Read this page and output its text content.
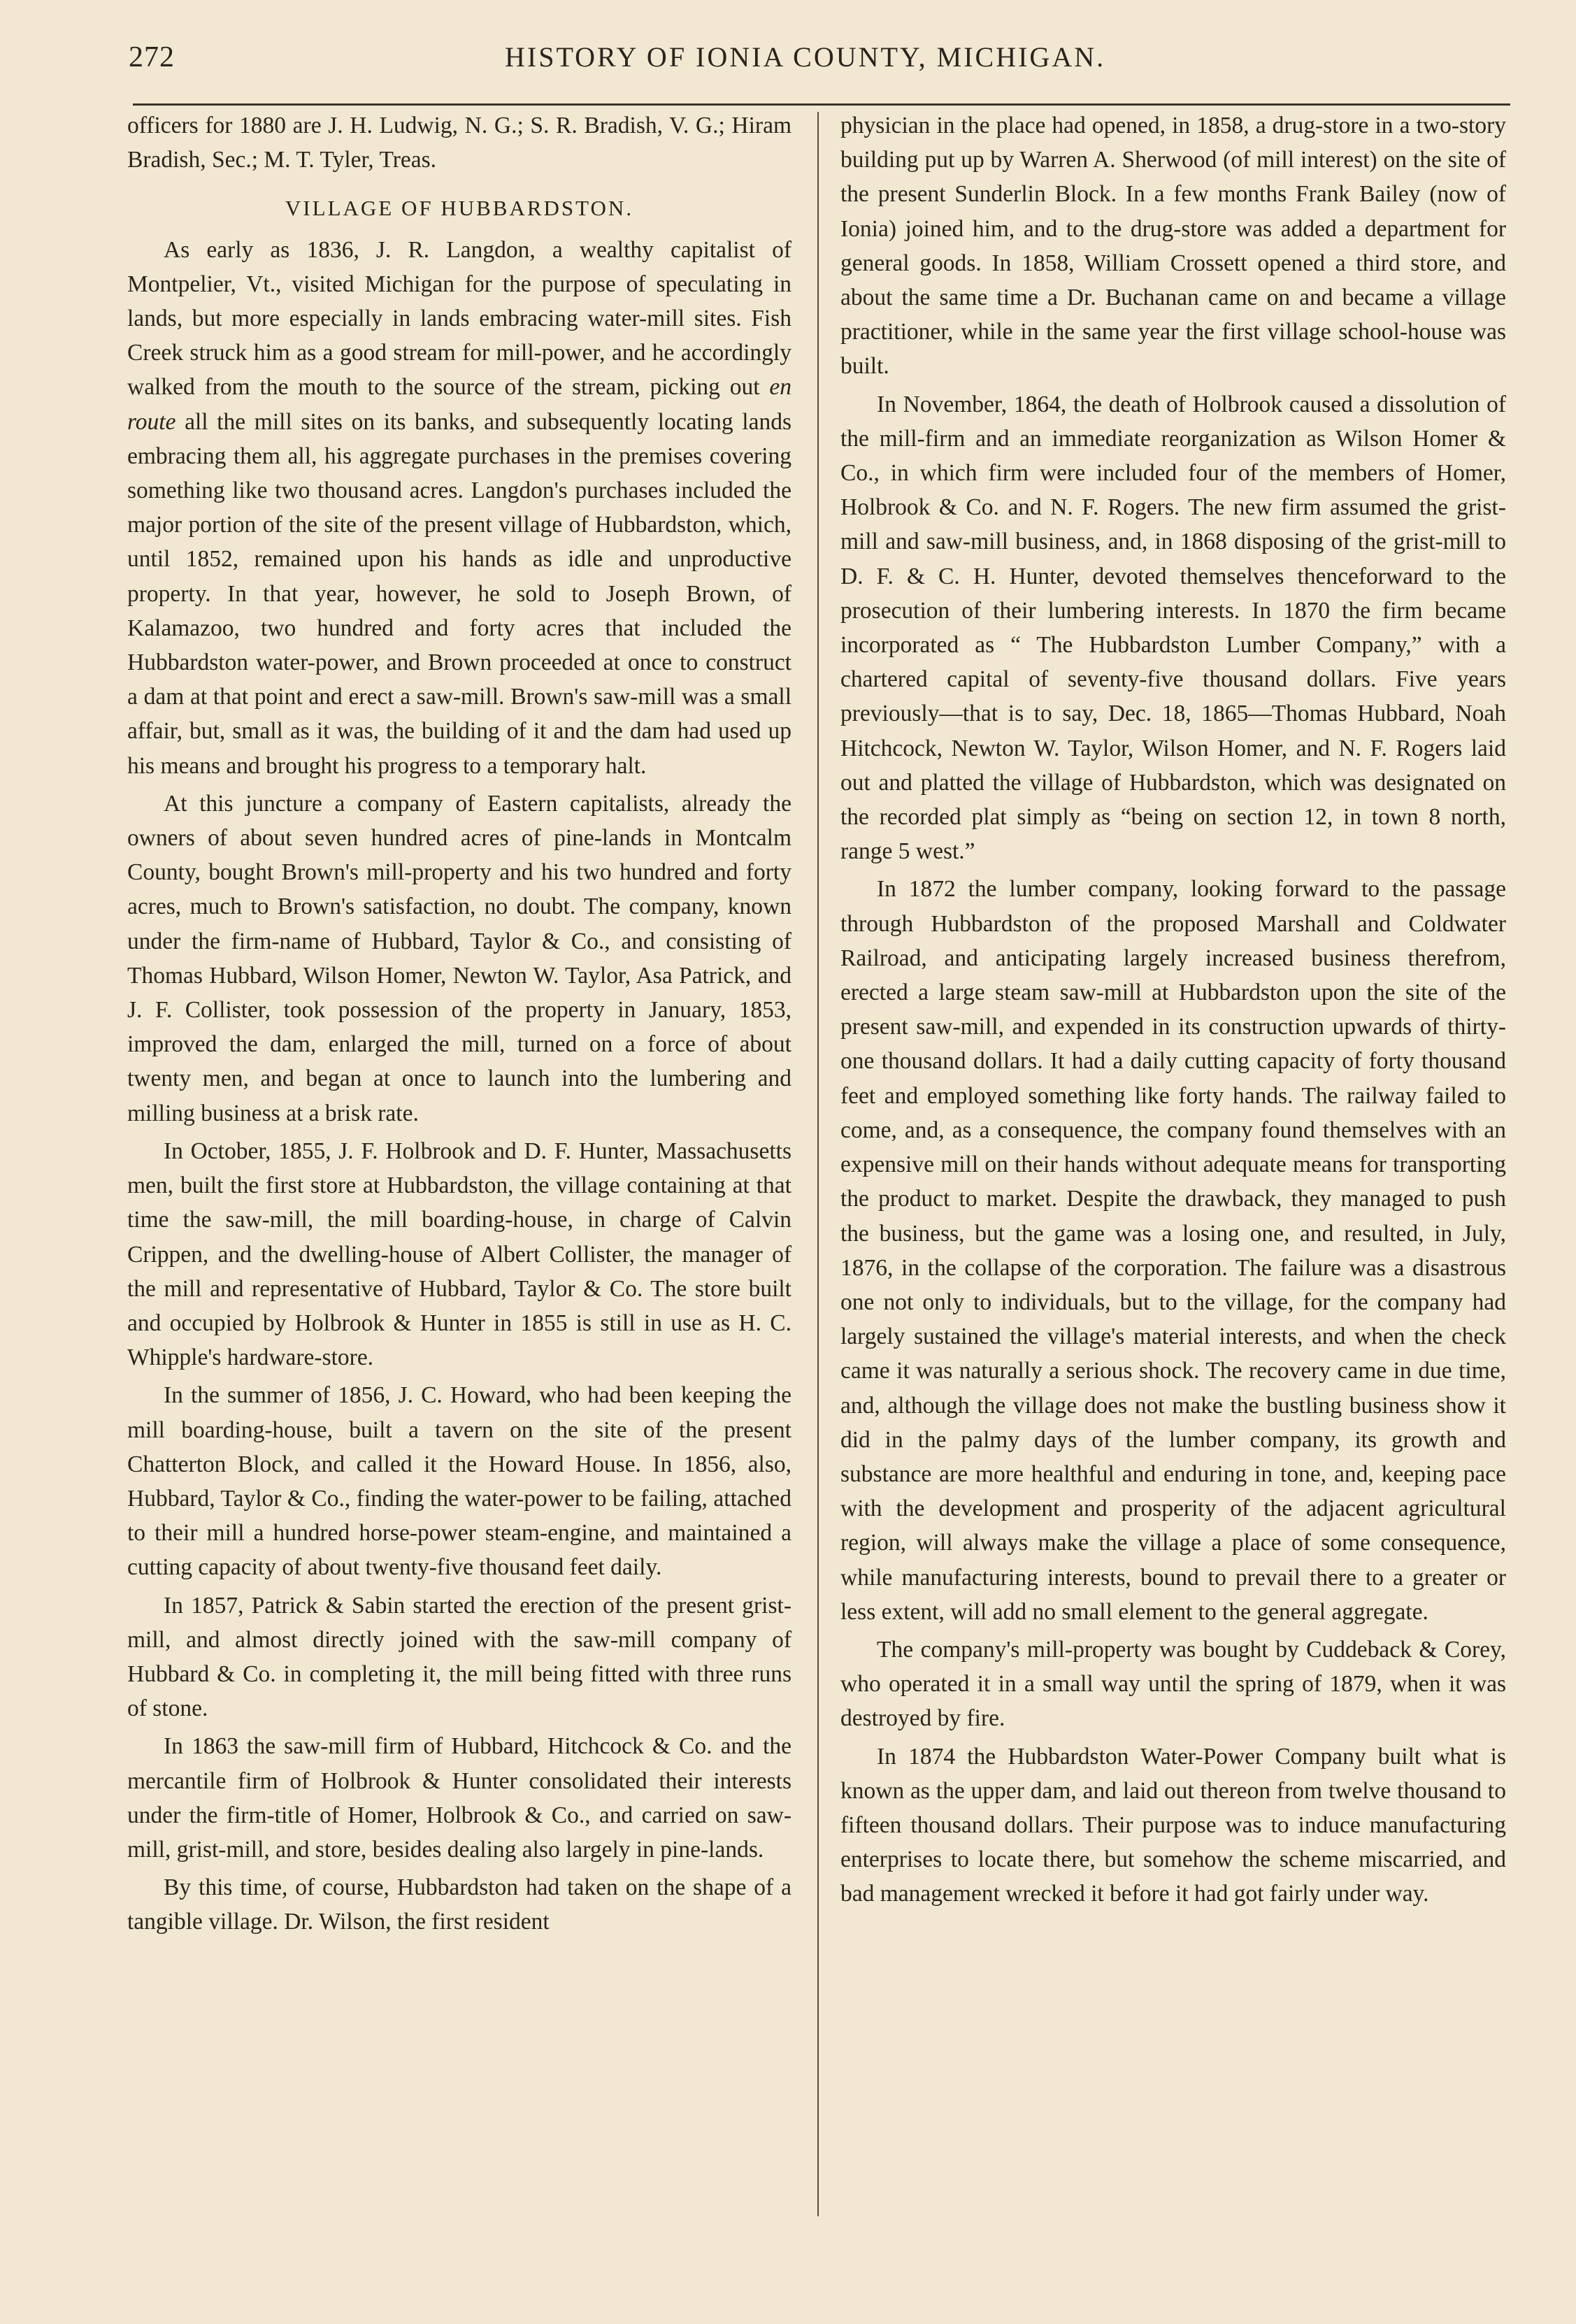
272	HISTORY OF IONIA COUNTY, MICHIGAN.

officers for 1880 are J. H. Ludwig, N. G.; S. R. Bradish, V. G.; Hiram Bradish, Sec.; M. T. Tyler, Treas.

VILLAGE OF HUBBARDSTON.

As early as 1836, J. R. Langdon, a wealthy capitalist of Montpelier, Vt., visited Michigan for the purpose of speculating in lands, but more especially in lands embracing water-mill sites. Fish Creek struck him as a good stream for mill-power, and he accordingly walked from the mouth to the source of the stream, picking out en route all the mill sites on its banks, and subsequently locating lands embracing them all, his aggregate purchases in the premises covering something like two thousand acres. Langdon's purchases included the major portion of the site of the present village of Hubbardston, which, until 1852, remained upon his hands as idle and unproductive property. In that year, however, he sold to Joseph Brown, of Kalamazoo, two hundred and forty acres that included the Hubbardston water-power, and Brown proceeded at once to construct a dam at that point and erect a saw-mill. Brown's saw-mill was a small affair, but, small as it was, the building of it and the dam had used up his means and brought his progress to a temporary halt.

At this juncture a company of Eastern capitalists, already the owners of about seven hundred acres of pine-lands in Montcalm County, bought Brown's mill-property and his two hundred and forty acres, much to Brown's satisfaction, no doubt. The company, known under the firm-name of Hubbard, Taylor & Co., and consisting of Thomas Hubbard, Wilson Homer, Newton W. Taylor, Asa Patrick, and J. F. Collister, took possession of the property in January, 1853, improved the dam, enlarged the mill, turned on a force of about twenty men, and began at once to launch into the lumbering and milling business at a brisk rate.

In October, 1855, J. F. Holbrook and D. F. Hunter, Massachusetts men, built the first store at Hubbardston, the village containing at that time the saw-mill, the mill boarding-house, in charge of Calvin Crippen, and the dwelling-house of Albert Collister, the manager of the mill and representative of Hubbard, Taylor & Co. The store built and occupied by Holbrook & Hunter in 1855 is still in use as H. C. Whipple's hardware-store.

In the summer of 1856, J. C. Howard, who had been keeping the mill boarding-house, built a tavern on the site of the present Chatterton Block, and called it the Howard House. In 1856, also, Hubbard, Taylor & Co., finding the water-power to be failing, attached to their mill a hundred horse-power steam-engine, and maintained a cutting capacity of about twenty-five thousand feet daily.

In 1857, Patrick & Sabin started the erection of the present grist-mill, and almost directly joined with the saw-mill company of Hubbard & Co. in completing it, the mill being fitted with three runs of stone.

In 1863 the saw-mill firm of Hubbard, Hitchcock & Co. and the mercantile firm of Holbrook & Hunter consolidated their interests under the firm-title of Homer, Holbrook & Co., and carried on saw-mill, grist-mill, and store, besides dealing also largely in pine-lands.

By this time, of course, Hubbardston had taken on the shape of a tangible village. Dr. Wilson, the first resident

physician in the place had opened, in 1858, a drug-store in a two-story building put up by Warren A. Sherwood (of mill interest) on the site of the present Sunderlin Block. In a few months Frank Bailey (now of Ionia) joined him, and to the drug-store was added a department for general goods. In 1858, William Crossett opened a third store, and about the same time a Dr. Buchanan came on and became a village practitioner, while in the same year the first village school-house was built.

In November, 1864, the death of Holbrook caused a dissolution of the mill-firm and an immediate reorganization as Wilson Homer & Co., in which firm were included four of the members of Homer, Holbrook & Co. and N. F. Rogers. The new firm assumed the grist-mill and saw-mill business, and, in 1868 disposing of the grist-mill to D. F. & C. H. Hunter, devoted themselves thenceforward to the prosecution of their lumbering interests. In 1870 the firm became incorporated as “ The Hubbardston Lumber Company,” with a chartered capital of seventy-five thousand dollars. Five years previously—that is to say, Dec. 18, 1865—Thomas Hubbard, Noah Hitchcock, Newton W. Taylor, Wilson Homer, and N. F. Rogers laid out and platted the village of Hubbardston, which was designated on the recorded plat simply as “being on section 12, in town 8 north, range 5 west.”

In 1872 the lumber company, looking forward to the passage through Hubbardston of the proposed Marshall and Coldwater Railroad, and anticipating largely increased business therefrom, erected a large steam saw-mill at Hubbardston upon the site of the present saw-mill, and expended in its construction upwards of thirty-one thousand dollars. It had a daily cutting capacity of forty thousand feet and employed something like forty hands. The railway failed to come, and, as a consequence, the company found themselves with an expensive mill on their hands without adequate means for transporting the product to market. Despite the drawback, they managed to push the business, but the game was a losing one, and resulted, in July, 1876, in the collapse of the corporation. The failure was a disastrous one not only to individuals, but to the village, for the company had largely sustained the village's material interests, and when the check came it was naturally a serious shock. The recovery came in due time, and, although the village does not make the bustling business show it did in the palmy days of the lumber company, its growth and substance are more healthful and enduring in tone, and, keeping pace with the development and prosperity of the adjacent agricultural region, will always make the village a place of some consequence, while manufacturing interests, bound to prevail there to a greater or less extent, will add no small element to the general aggregate.

The company's mill-property was bought by Cuddeback & Corey, who operated it in a small way until the spring of 1879, when it was destroyed by fire.

In 1874 the Hubbardston Water-Power Company built what is known as the upper dam, and laid out thereon from twelve thousand to fifteen thousand dollars. Their purpose was to induce manufacturing enterprises to locate there, but somehow the scheme miscarried, and bad management wrecked it before it had got fairly under way.
